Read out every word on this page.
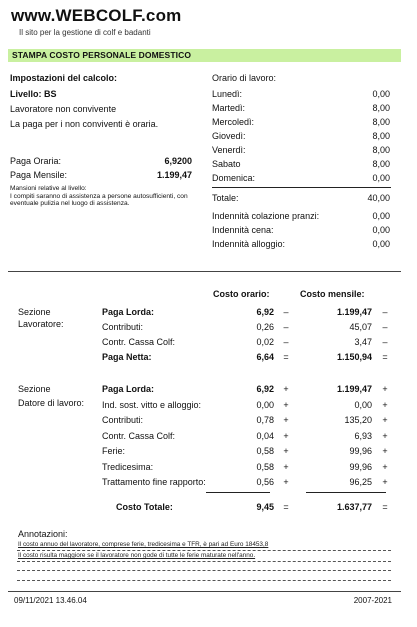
www.WEBCOLF.com
Il sito per la gestione di colf e badanti
STAMPA COSTO PERSONALE DOMESTICO
Impostazioni del calcolo:
Livello: BS
Lavoratore non convivente
La paga per i non conviventi è oraria.
Paga Oraria:	6,9200
Paga Mensile:	1.199,47
Mansioni relative al livello:
I compiti saranno di assistenza a persone autosufficienti, con eventuale pulizia nel luogo di assistenza.
Orario di lavoro:
Lunedì:	0,00
Martedì:	8,00
Mercoledì:	8,00
Giovedì:	8,00
Venerdì:	8,00
Sabato	8,00
Domenica:	0,00
Totale:	40,00
Indennità colazione pranzi:	0,00
Indennità cena:	0,00
Indennità alloggio:	0,00
Costo orario:	Costo mensile:
Sezione
Lavoratore:
Sezione
Datore di lavoro:
Paga Lorda:	6,92 –	1.199,47 –
Contributi:	0,26 –	45,07 –
Contr. Cassa Colf:	0,02 –	3,47 –
Paga Netta:	6,64 =	1.150,94 =
Paga Lorda:	6,92 +	1.199,47 +
Ind. sost. vitto e alloggio:	0,00 +	0,00 +
Contributi:	0,78 +	135,20 +
Contr. Cassa Colf:	0,04 +	6,93 +
Ferie:	0,58 +	99,96 +
Tredicesima:	0,58 +	99,96 +
Trattamento fine rapporto:	0,56 +	96,25 +
Costo Totale:	9,45 =	1.637,77 =
Annotazioni:
Il costo annuo del lavoratore, comprese ferie, tredicesima e TFR, è pari ad Euro 18453,8
Il costo risulta maggiore se il lavoratore non gode di tutte le ferie maturate nell'anno.
09/11/2021 13.46.04	2007-2021
